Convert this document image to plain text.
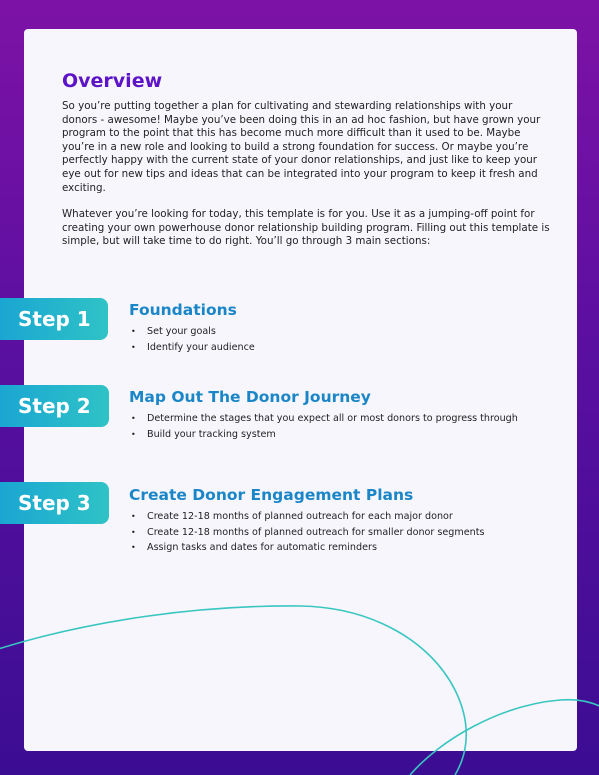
Overview

So you’re putting together a plan for cultivating and stewarding relationships with your donors - awesome! Maybe you’ve been doing this in an ad hoc fashion, but have grown your program to the point that this has become much more difficult than it used to be. Maybe you’re in a new role and looking to build a strong foundation for success. Or maybe you’re perfectly happy with the current state of your donor relationships, and just like to keep your eye out for new tips and ideas that can be integrated into your program to keep it fresh and exciting.

Whatever you’re looking for today, this template is for you. Use it as a jumping-off point for creating your own powerhouse donor relationship building program. Filling out this template is simple, but will take time to do right. You’ll go through 3 main sections:

Step 1	Foundations
• Set your goals
• Identify your audience
Step 2	Map Out The Donor Journey
• Determine the stages that you expect all or most donors to progress through
• Build your tracking system
Step 3	Create Donor Engagement Plans
• Create 12-18 months of planned outreach for each major donor
• Create 12-18 months of planned outreach for smaller donor segments
• Assign tasks and dates for automatic reminders
